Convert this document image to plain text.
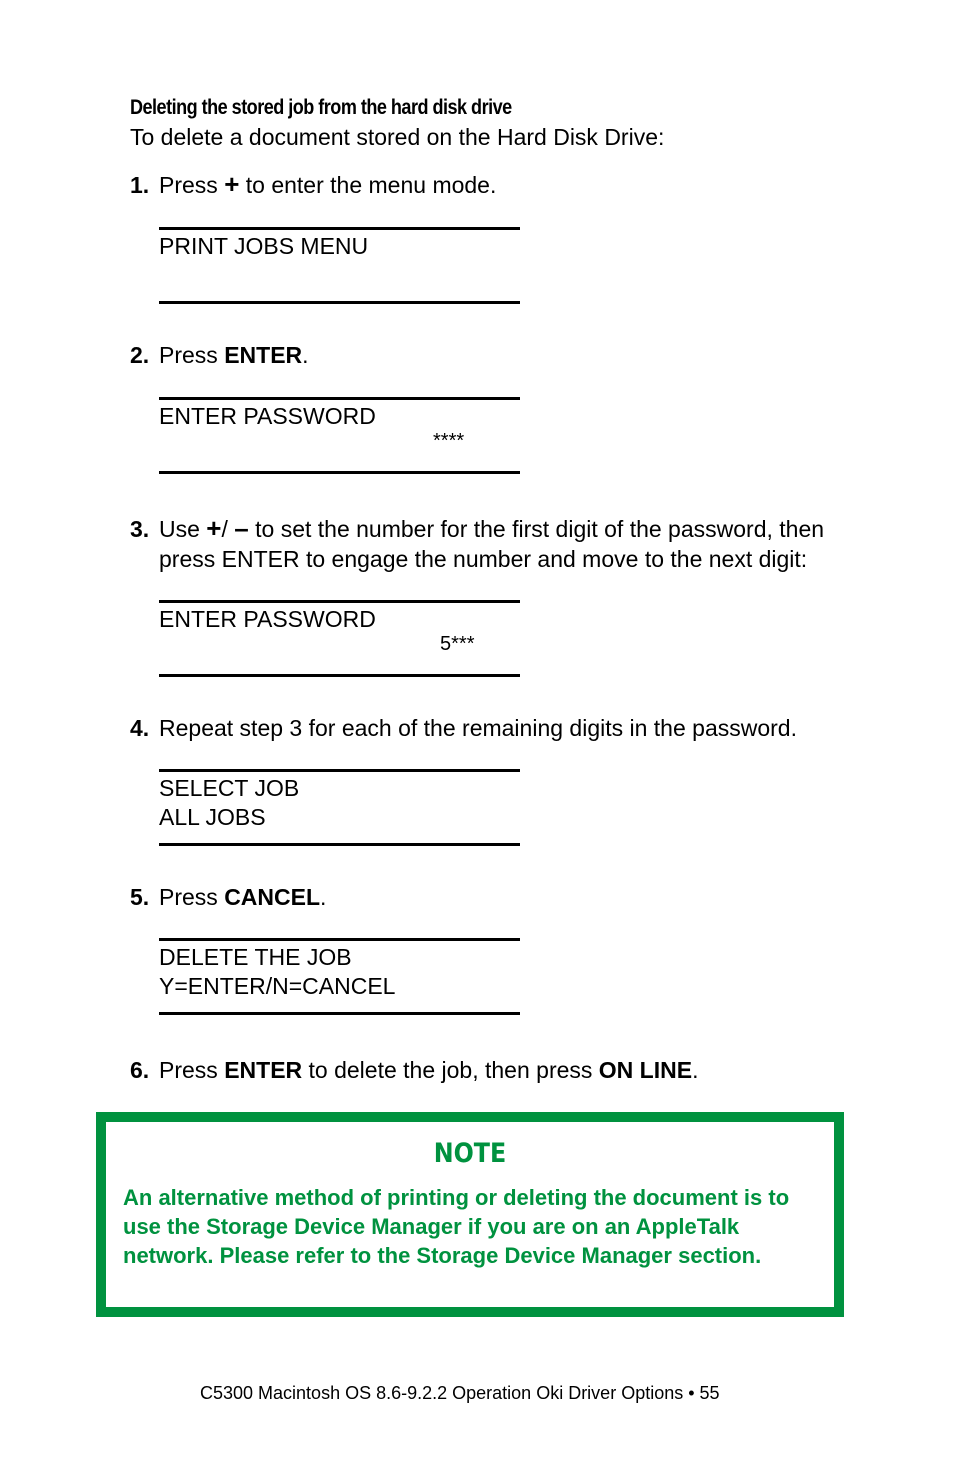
Deleting the stored job from the hard disk drive
To delete a document stored on the Hard Disk Drive:
1. Press + to enter the menu mode.
PRINT JOBS MENU
2. Press ENTER.
ENTER PASSWORD
****
3. Use +/ – to set the number for the first digit of the password, then
press ENTER to engage the number and move to the next digit:
ENTER PASSWORD
5***
4. Repeat step 3 for each of the remaining digits in the password.
SELECT JOB
ALL JOBS
5. Press CANCEL.
DELETE THE JOB
Y=ENTER/N=CANCEL
6. Press ENTER to delete the job, then press ON LINE.
NOTE
An alternative method of printing or deleting the document is to use the Storage Device Manager if you are on an AppleTalk network. Please refer to the Storage Device Manager section.
C5300 Macintosh OS 8.6-9.2.2 Operation Oki Driver Options • 55
